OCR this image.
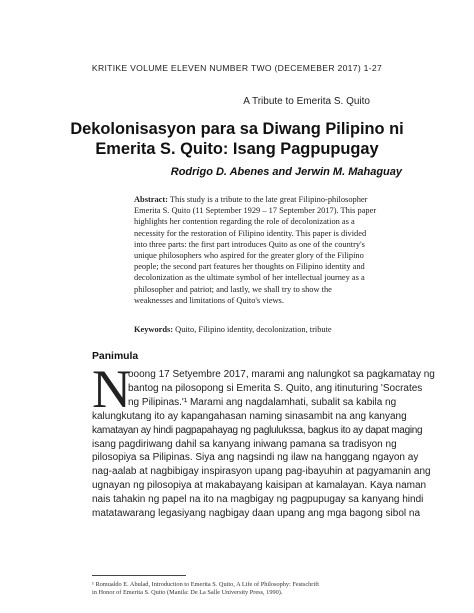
KRITIKE VOLUME ELEVEN NUMBER TWO (DECEMEBER 2017) 1-27
A Tribute to Emerita S. Quito
Dekolonisasyon para sa Diwang Pilipino ni
Emerita S. Quito: Isang Pagpupugay
Rodrigo D. Abenes and Jerwin M. Mahaguay
Abstract: This study is a tribute to the late great Filipino-philosopher
Emerita S. Quito (11 September 1929 – 17 September 2017). This paper
highlights her contention regarding the role of decolonization as a
necessity for the restoration of Filipino identity. This paper is divided
into three parts: the first part introduces Quito as one of the country's
unique philosophers who aspired for the greater glory of the Filipino
people; the second part features her thoughts on Filipino identity and
decolonization as the ultimate symbol of her intellectual journey as a
philosopher and patriot; and lastly, we shall try to show the
weaknesses and limitations of Quito's views.
Keywords: Quito, Filipino identity, decolonization, tribute
Panimula
N
ooong 17 Setyembre 2017, marami ang nalungkot sa pagkamatay ng
bantog na pilosopong si Emerita S. Quito, ang itinuturing 'Socrates
ng Pilipinas.'¹ Marami ang nagdalamhati, subalit sa kabila ng
kalungkutang ito ay kapangahasan naming sinasambit na ang kanyang
kamatayan ay hindi pagpapahayag ng paglulukssa, bagkus ito ay dapat maging
isang pagdiriwang dahil sa kanyang iniwang pamana sa tradisyon ng
pilosopiya sa Pilipinas. Siya ang nagsindi ng ilaw na hanggang ngayon ay
nag-aalab at nagbibigay inspirasyon upang pag-ibayuhin at pagyamanin ang
ugnayan ng pilosopiya at makabayang kaisipan at kamalayan. Kaya naman
nais tahakin ng papel na ito na magbigay ng pagpupugay sa kanyang hindi
matatawarang legasiyang nagbigay daan upang ang mga bagong sibol na
¹ Romualdo E. Abulad, Introduction to Emerita S. Quito, A Life of Philosophy: Festschrift
in Honor of Emerita S. Quito (Manila: De La Salle University Press, 1990).
